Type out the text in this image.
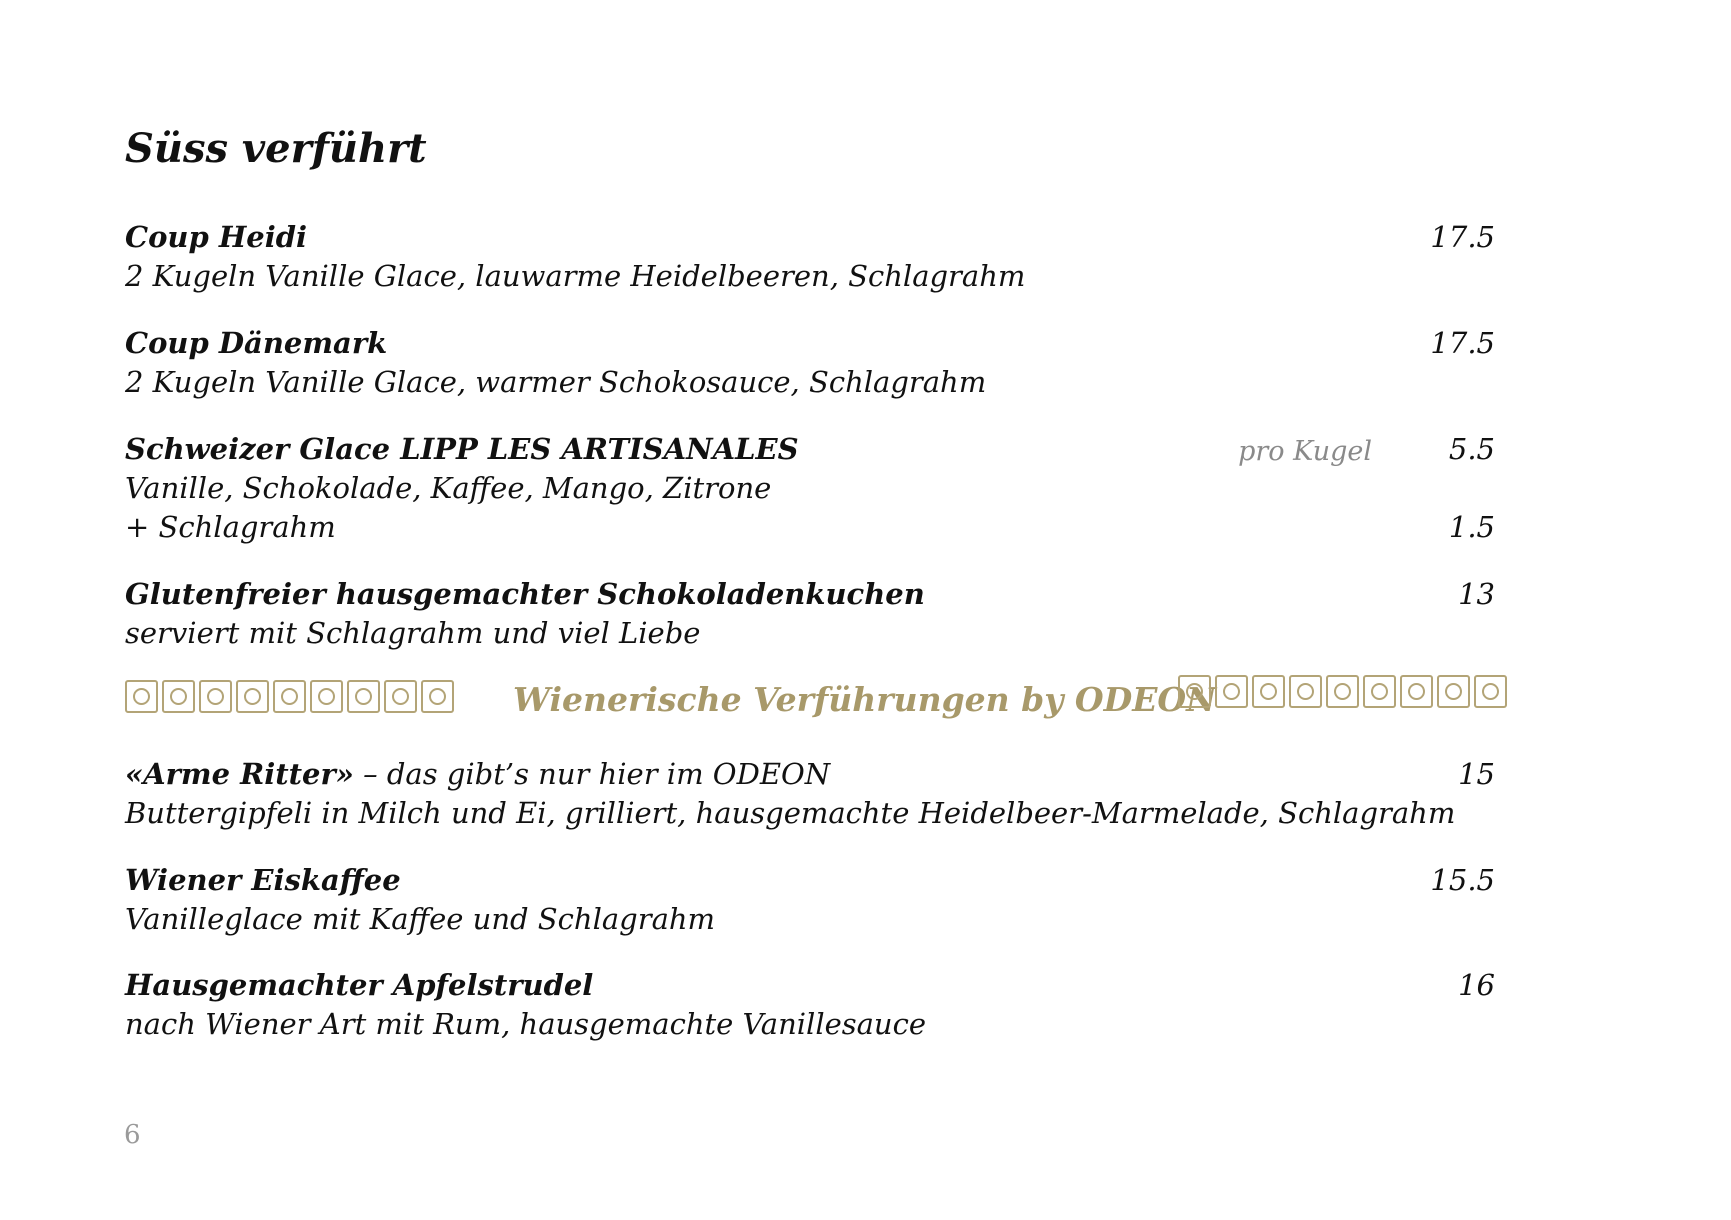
Süss verführt
Coup Heidi
2 Kugeln Vanille Glace, lauwarme Heidelbeeren, Schlagrahm
17.5
Coup Dänemark
2 Kugeln Vanille Glace, warmer Schokosauce, Schlagrahm
17.5
Schweizer Glace LIPP LES ARTISANALES
Vanille, Schokolade, Kaffee, Mango, Zitrone
+ Schlagrahm
pro Kugel	5.5
1.5
Glutenfreier hausgemachter Schokoladenkuchen
serviert mit Schlagrahm und viel Liebe
13
Wienerische Verführungen by ODEON
«Arme Ritter» – das gibt’s nur hier im ODEON
Buttergipfeli in Milch und Ei, grilliert, hausgemachte Heidelbeer-Marmelade, Schlagrahm
15
Wiener Eiskaffee
Vanilleglace mit Kaffee und Schlagrahm
15.5
Hausgemachter Apfelstrudel
nach Wiener Art mit Rum, hausgemachte Vanillesauce
16
6
